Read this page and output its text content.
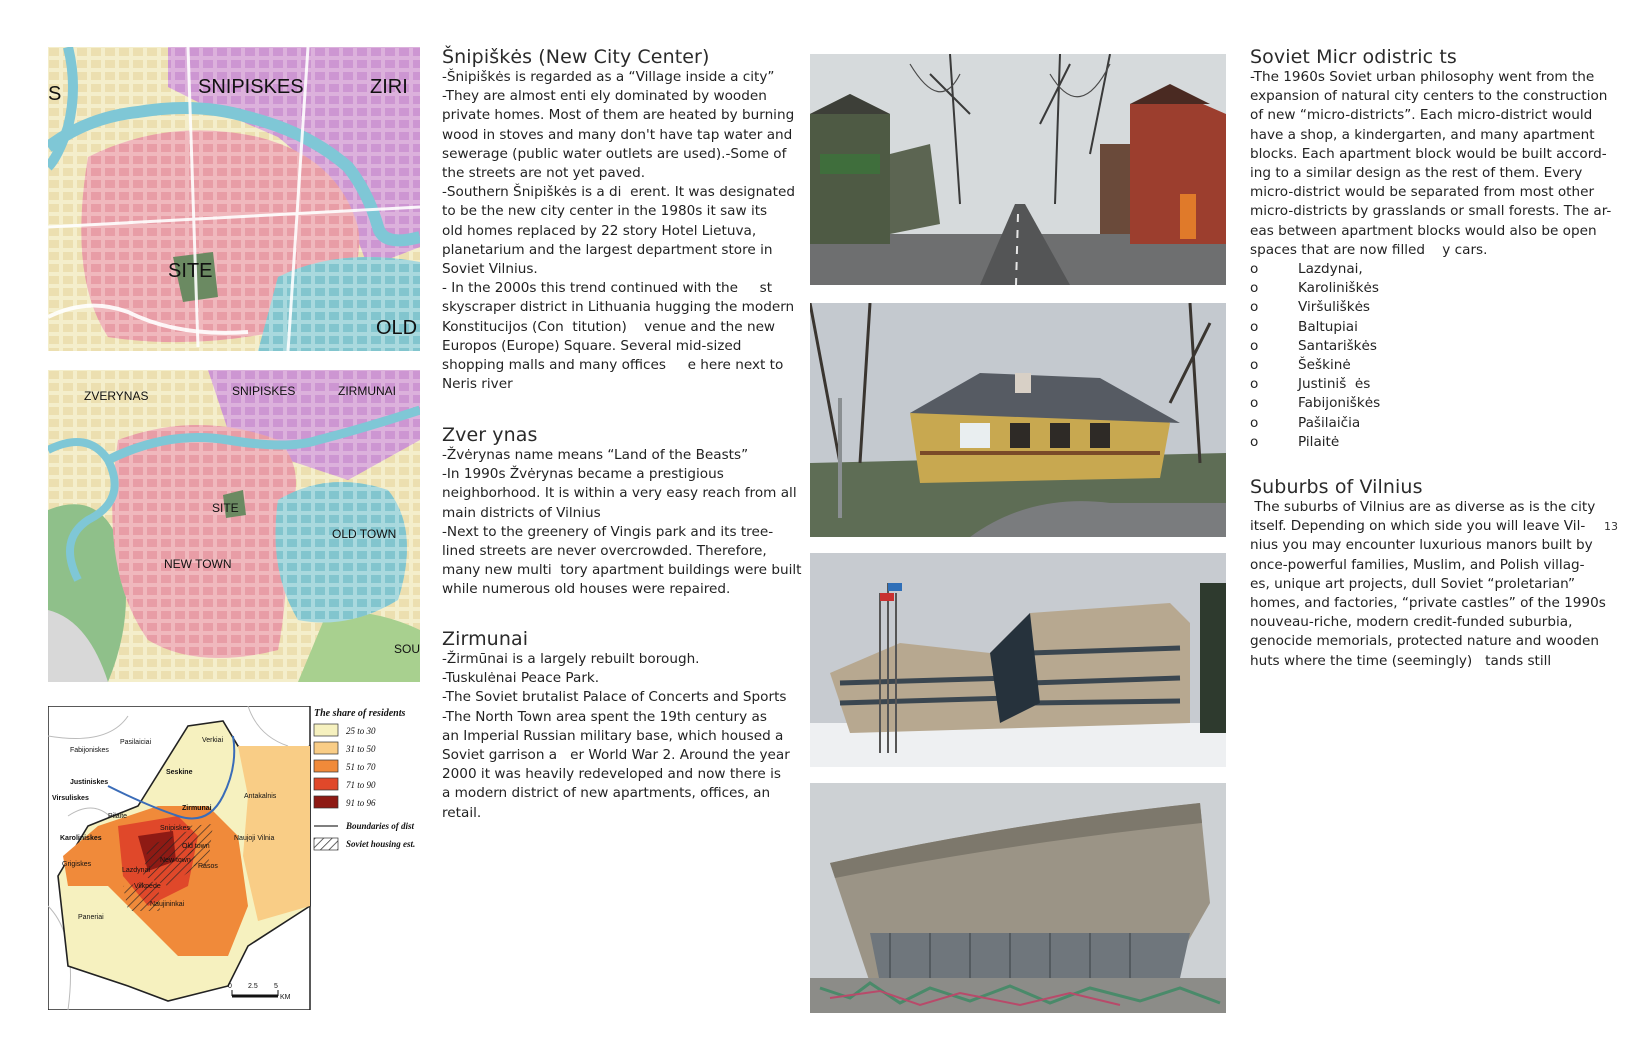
SNIPISKES	ZIRI
S
SITE
OLD
ZVERYNAS	SNIPISKES	ZIRMUNAI
SITE
OLD TOWN
NEW TOWN
SOU
Fabijoniskes
Pasilaiciai	Verkiai
Justiniskes
Seskine
Antakalnis
Virsuliskes
Pilaite
Zirmunai
Karoliniskes
Snipiskes
Naujoji Vilnia
Old town
Grigiskes
Lazdynai
New town
Rasos
Vilkpede
Naujininkai
Paneriai
0 2.5 5
KM
The share of residents
25 to 30
31 to 50
51 to 70
71 to 90
91 to 96
Boundaries of dist
Soviet housing est.
Šnipiškės (New City Center)

-Šnipiškės is regarded as a “Village inside a city”

-They are almost enti ely dominated by wooden

private homes. Most of them are heated by burning

wood in stoves and many don't have tap water and

sewerage (public water outlets are used).-Some of

the streets are not yet paved.

-Southern Šnipiškės is a di  erent. It was designated

to be the new city center in the 1980s it saw its

old homes replaced by 22 story Hotel Lietuva,

planetarium and the largest department store in

Soviet Vilnius.

- In the 2000s this trend continued with the     st

skyscraper district in Lithuania hugging the modern

Konstitucijos (Con  titution)    venue and the new

Europos (Europe) Square. Several mid-sized

shopping malls and many offices     e here next to

Neris river

Zver ynas

-Žvėrynas name means “Land of the Beasts”

-In 1990s Žvėrynas became a prestigious

neighborhood. It is within a very easy reach from all

main districts of Vilnius

-Next to the greenery of Vingis park and its tree-

lined streets are never overcrowded. Therefore,

many new multi  tory apartment buildings were built

while numerous old houses were repaired.

Zirmunai

-Žirmūnai is a largely rebuilt borough.

-Tuskulėnai Peace Park.

-The Soviet brutalist Palace of Concerts and Sports

-The North Town area spent the 19th century as

an Imperial Russian military base, which housed a

Soviet garrison a   er World War 2. Around the year

2000 it was heavily redeveloped and now there is

a modern district of new apartments, offices, an

retail.

Soviet Micr odistric ts

-The 1960s Soviet urban philosophy went from the

expansion of natural city centers to the construction

of new “micro-districts”. Each micro-district would

have a shop, a kindergarten, and many apartment

blocks. Each apartment block would be built accord-

ing to a similar design as the rest of them. Every

micro-district would be separated from most other

micro-districts by grasslands or small forests. The ar-

eas between apartment blocks would also be open

spaces that are now filled    y cars.

o	Lazdynai,
o	Karoliniškės
o	Viršuliškės
o	Baltupiai
o	Santariškės
o	Šeškinė
o	Justiniš  ės
o	Fabijoniškės
o	Pašilaičia
o	Pilaitė
Suburbs of Vilnius

The suburbs of Vilnius are as diverse as is the city

itself. Depending on which side you will leave Vil-

nius you may encounter luxurious manors built by

once-powerful families, Muslim, and Polish villag-

es, unique art projects, dull Soviet “proletarian”

homes, and factories, “private castles” of the 1990s

nouveau-riche, modern credit-funded suburbia,

genocide memorials, protected nature and wooden

huts where the time (seemingly)   tands still

13
